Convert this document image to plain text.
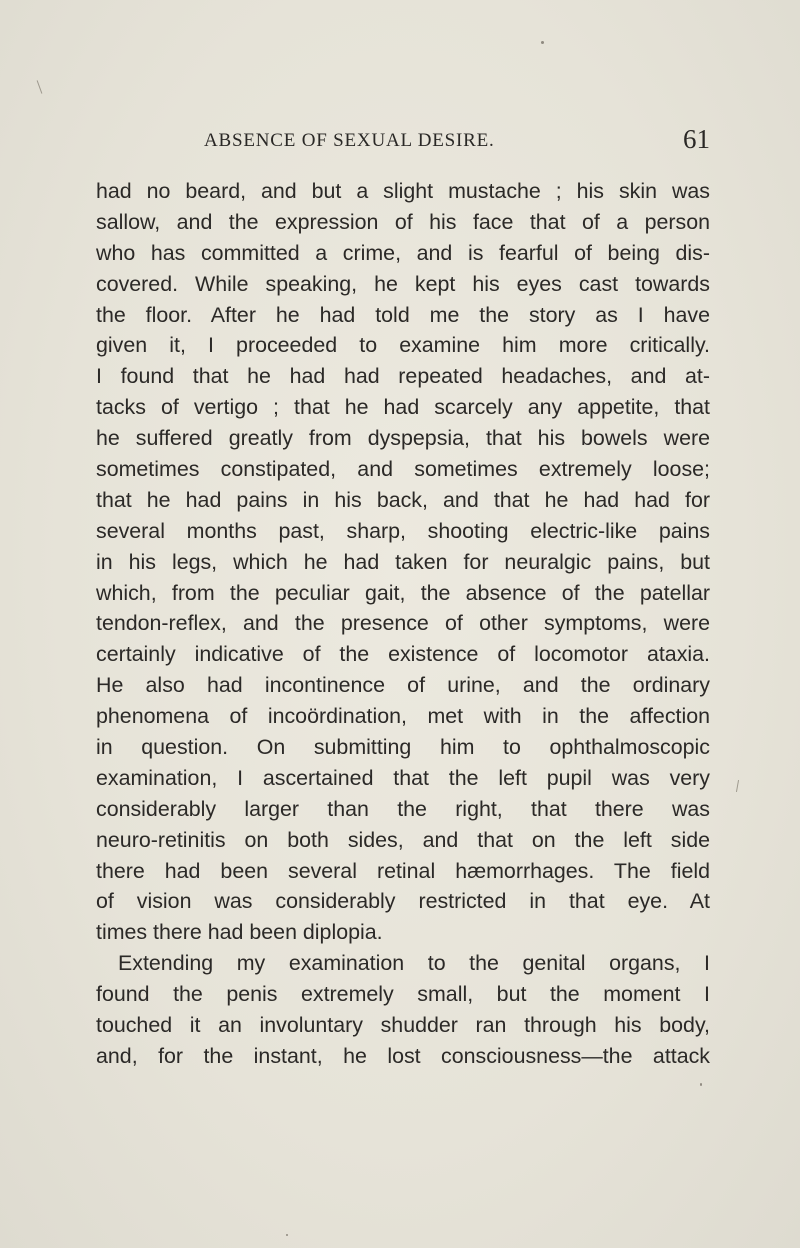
ABSENCE OF SEXUAL DESIRE.	61
had no beard, and but a slight mustache ; his skin was
sallow, and the expression of his face that of a person
who has committed a crime, and is fearful of being dis-
covered. While speaking, he kept his eyes cast towards
the floor. After he had told me the story as I have
given it, I proceeded to examine him more critically.
I found that he had had repeated headaches, and at-
tacks of vertigo ; that he had scarcely any appetite, that
he suffered greatly from dyspepsia, that his bowels were
sometimes constipated, and sometimes extremely loose;
that he had pains in his back, and that he had had for
several months past, sharp, shooting electric-like pains
in his legs, which he had taken for neuralgic pains, but
which, from the peculiar gait, the absence of the patellar
tendon-reflex, and the presence of other symptoms, were
certainly indicative of the existence of locomotor ataxia.
He also had incontinence of urine, and the ordinary
phenomena of incoördination, met with in the affection
in question. On submitting him to ophthalmoscopic
examination, I ascertained that the left pupil was very
considerably larger than the right, that there was
neuro-retinitis on both sides, and that on the left side
there had been several retinal hæmorrhages. The field
of vision was considerably restricted in that eye. At
times there had been diplopia.
Extending my examination to the genital organs, I
found the penis extremely small, but the moment I
touched it an involuntary shudder ran through his body,
and, for the instant, he lost consciousness—the attack
